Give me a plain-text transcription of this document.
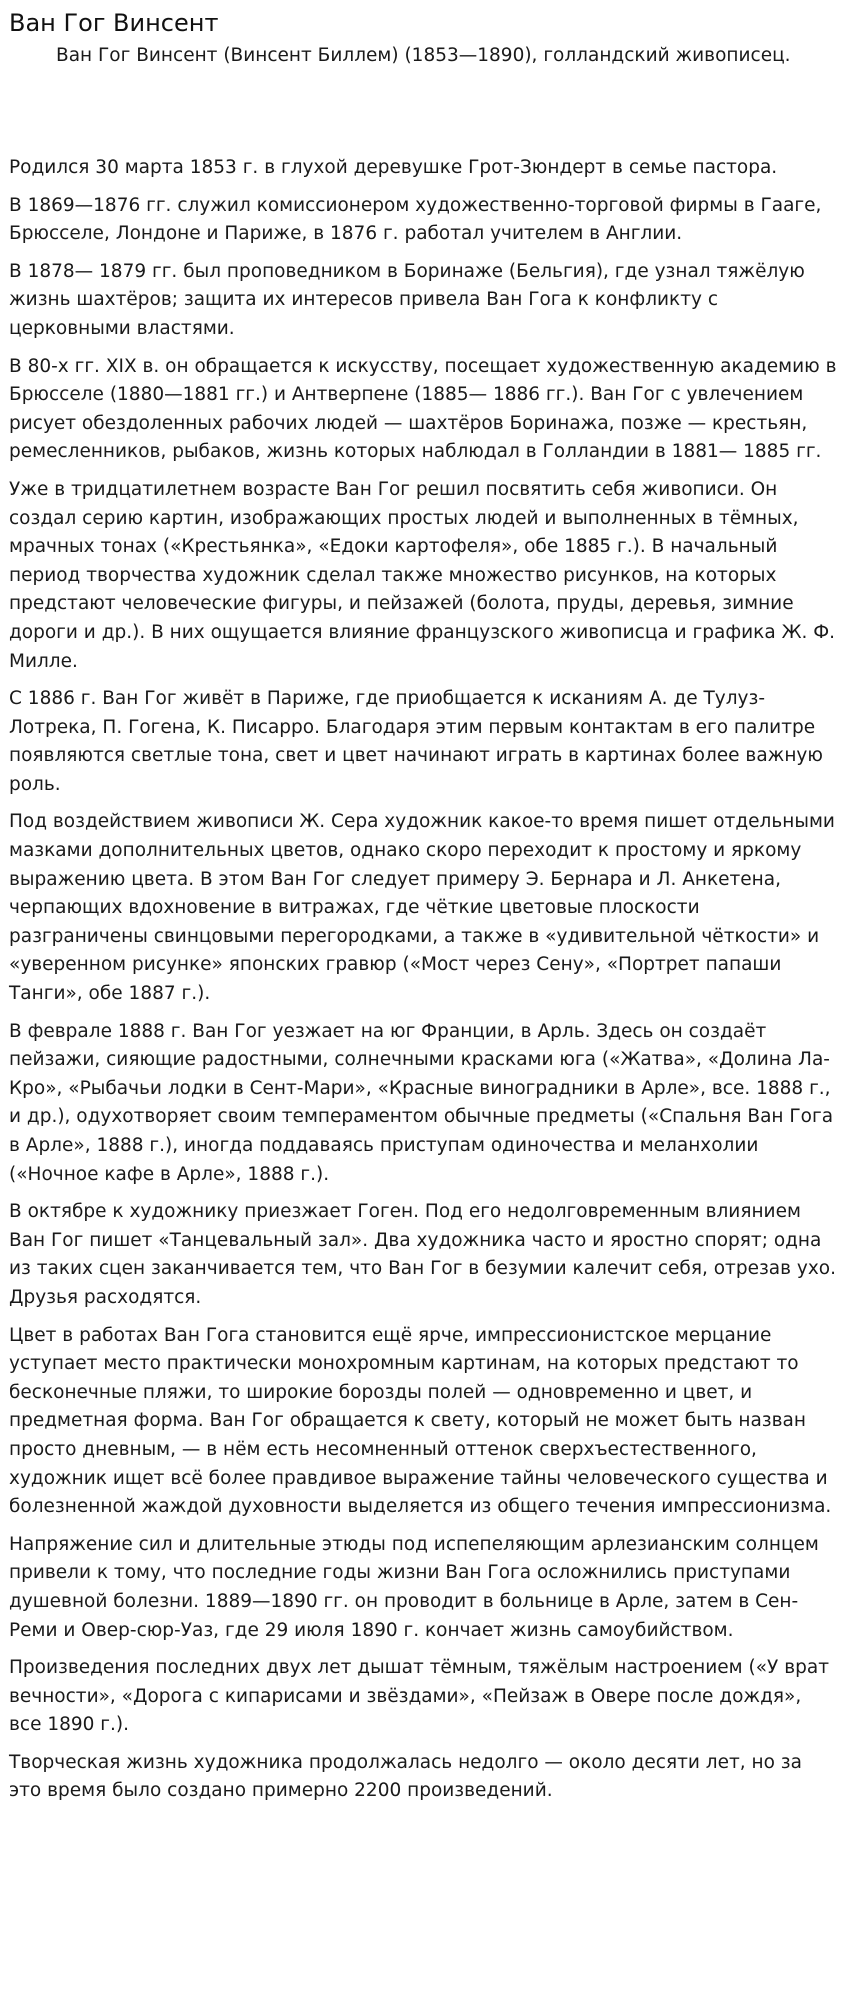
Ван Гог Винсент

Ван Гог Винсент (Винсент Биллем) (1853—1890), голландский живописец.

Родился 30 марта 1853 г. в глухой деревушке Грот-Зюндерт в семье пастора.

В 1869—1876 гг. служил комиссионером художественно-торговой фирмы в Гааге, Брюсселе, Лондоне и Париже, в 1876 г. работал учителем в Англии.

В 1878— 1879 гг. был проповедником в Боринаже (Бельгия), где узнал тяжёлую жизнь шахтёров; защита их интересов привела Ван Гога к конфликту с церковными властями.

В 80-х гг. XIX в. он обращается к искусству, посещает художественную академию в Брюсселе (1880—1881 гг.) и Антверпене (1885— 1886 гг.). Ван Гог с увлечением рисует обездоленных рабочих людей — шахтёров Боринажа, позже — крестьян, ремесленников, рыбаков, жизнь которых наблюдал в Голландии в 1881— 1885 гг.

Уже в тридцатилетнем возрасте Ван Гог решил посвятить себя живописи. Он создал серию картин, изображающих простых людей и выполненных в тёмных, мрачных тонах («Крестьянка», «Едоки картофеля», обе 1885 г.). В начальный период творчества художник сделал также множество рисунков, на которых предстают человеческие фигуры, и пейзажей (болота, пруды, деревья, зимние дороги и др.). В них ощущается влияние французского живописца и графика Ж. Ф. Милле.

С 1886 г. Ван Гог живёт в Париже, где приобщается к исканиям А. де Тулуз-Лотрека, П. Гогена, К. Писарро. Благодаря этим первым контактам в его палитре появляются светлые тона, свет и цвет начинают играть в картинах более важную роль.

Под воздействием живописи Ж. Сера художник какое-то время пишет отдельными мазками дополнительных цветов, однако скоро переходит к простому и яркому выражению цвета. В этом Ван Гог следует примеру Э. Бернара и Л. Анкетена, черпающих вдохновение в витражах, где чёткие цветовые плоскости разграничены свинцовыми перегородками, а также в «удивительной чёткости» и «уверенном рисунке» японских гравюр («Мост через Сену», «Портрет папаши Танги», обе 1887 г.).

В феврале 1888 г. Ван Гог уезжает на юг Франции, в Арль. Здесь он создаёт пейзажи, сияющие радостными, солнечными красками юга («Жатва», «Долина Ла-Кро», «Рыбачьи лодки в Сент-Мари», «Красные виноградники в Арле», все. 1888 г., и др.), одухотворяет своим темпераментом обычные предметы («Спальня Ван Гога в Арле», 1888 г.), иногда поддаваясь приступам одиночества и меланхолии («Ночное кафе в Арле», 1888 г.).

В октябре к художнику приезжает Гоген. Под его недолговременным влиянием Ван Гог пишет «Танцевальный зал». Два художника часто и яростно спорят; одна из таких сцен заканчивается тем, что Ван Гог в безумии калечит себя, отрезав ухо. Друзья расходятся.

Цвет в работах Ван Гога становится ещё ярче, импрессионистское мерцание уступает место практически монохромным картинам, на которых предстают то бесконечные пляжи, то широкие борозды полей — одновременно и цвет, и предметная форма. Ван Гог обращается к свету, который не может быть назван просто дневным, — в нём есть несомненный оттенок сверхъестественного, художник ищет всё более правдивое выражение тайны человеческого существа и болезненной жаждой духовности выделяется из общего течения импрессионизма.

Напряжение сил и длительные этюды под испепеляющим арлезианским солнцем привели к тому, что последние годы жизни Ван Гога осложнились приступами душевной болезни. 1889—1890 гг. он проводит в больнице в Арле, затем в Сен-Реми и Овер-сюр-Уаз, где 29 июля 1890 г. кончает жизнь самоубийством.

Произведения последних двух лет дышат тёмным, тяжёлым настроением («У врат вечности», «Дорога с кипарисами и звёздами», «Пейзаж в Овере после дождя», все 1890 г.).

Творческая жизнь художника продолжалась недолго — около десяти лет, но за это время было создано примерно 2200 произведений.
